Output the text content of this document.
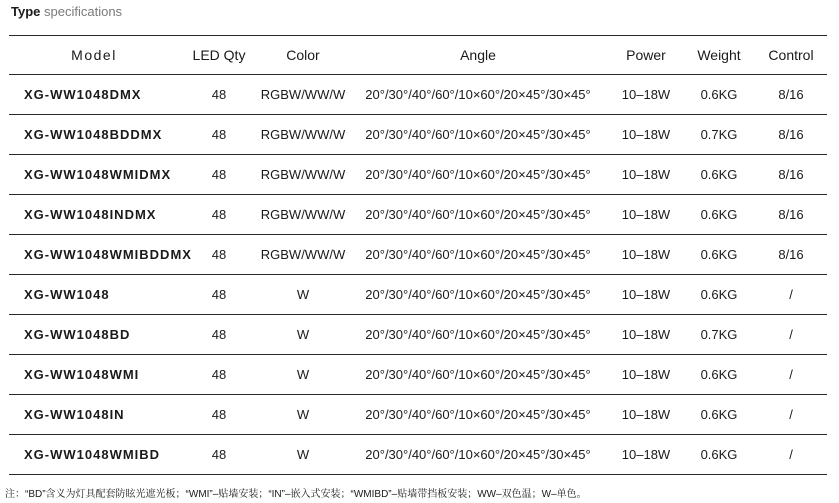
Type specifications
Model	LED Qty	Color	Angle	Power	Weight	Control
XG-WW1048DMX	48	RGBW/WW/W	20°/30°/40°/60°/10×60°/20×45°/30×45°	10–18W	0.6KG	8/16
XG-WW1048BDDMX	48	RGBW/WW/W	20°/30°/40°/60°/10×60°/20×45°/30×45°	10–18W	0.7KG	8/16
XG-WW1048WMIDMX	48	RGBW/WW/W	20°/30°/40°/60°/10×60°/20×45°/30×45°	10–18W	0.6KG	8/16
XG-WW1048INDMX	48	RGBW/WW/W	20°/30°/40°/60°/10×60°/20×45°/30×45°	10–18W	0.6KG	8/16
XG-WW1048WMIBDDMX	48	RGBW/WW/W	20°/30°/40°/60°/10×60°/20×45°/30×45°	10–18W	0.6KG	8/16
XG-WW1048	48	W	20°/30°/40°/60°/10×60°/20×45°/30×45°	10–18W	0.6KG	/
XG-WW1048BD	48	W	20°/30°/40°/60°/10×60°/20×45°/30×45°	10–18W	0.7KG	/
XG-WW1048WMI	48	W	20°/30°/40°/60°/10×60°/20×45°/30×45°	10–18W	0.6KG	/
XG-WW1048IN	48	W	20°/30°/40°/60°/10×60°/20×45°/30×45°	10–18W	0.6KG	/
XG-WW1048WMIBD	48	W	20°/30°/40°/60°/10×60°/20×45°/30×45°	10–18W	0.6KG	/
注：“BD”含义为灯具配套防眩光遮光板；“WMI”–贴墙安装；“IN”–嵌入式安装；“WMIBD”–贴墙带挡板安装；WW–双色温；W–单色。
